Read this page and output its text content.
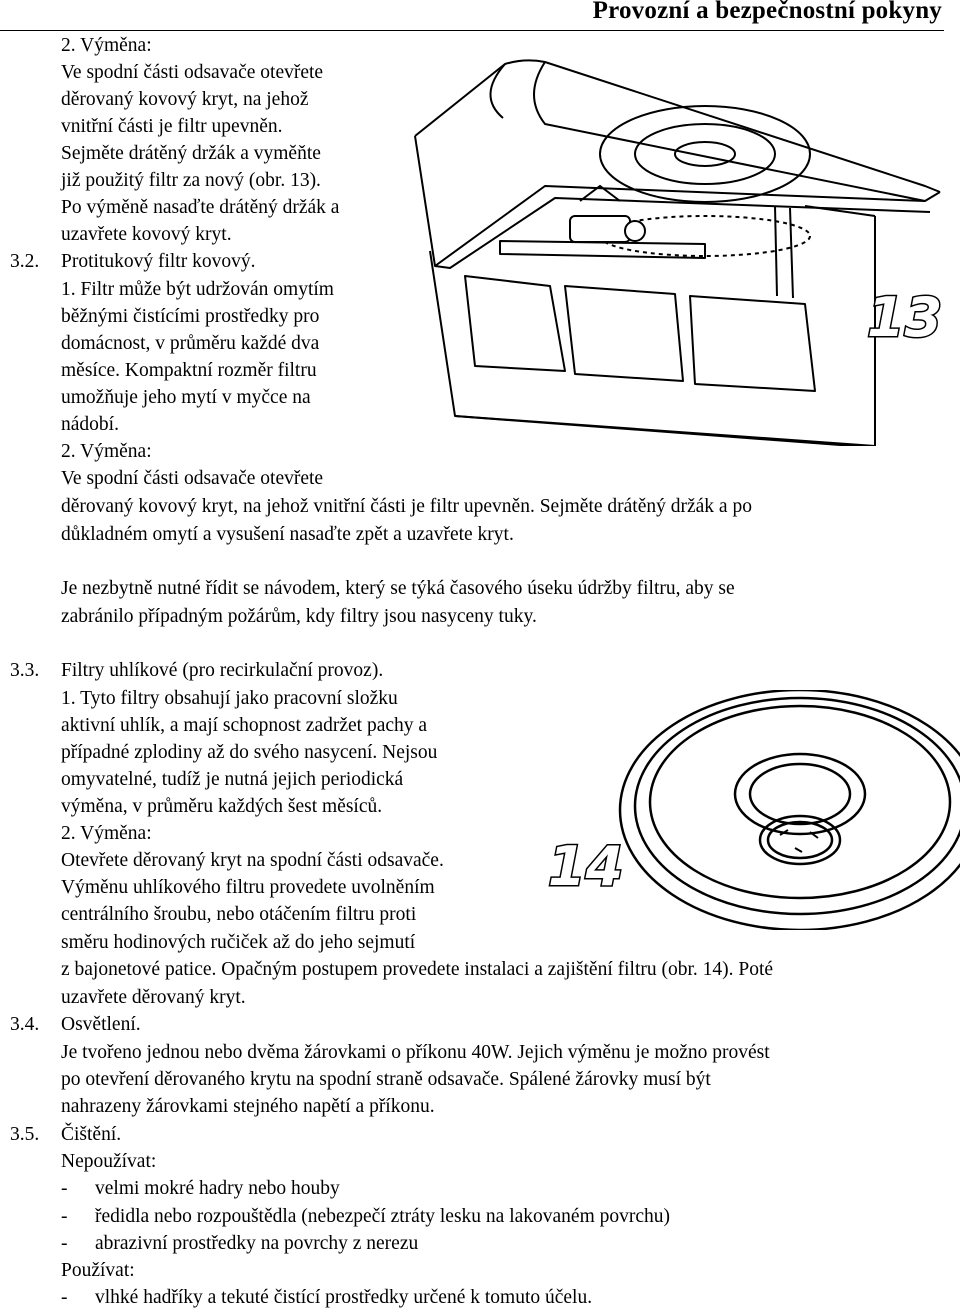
Provozní a bezpečnostní pokyny
2. Výměna:
Ve spodní části odsavače otevřete
děrovaný kovový kryt, na jehož
vnitřní části je filtr upevněn.
Sejměte drátěný držák a vyměňte
již použitý filtr za nový (obr. 13).
Po výměně nasaďte drátěný držák a
uzavřete kovový kryt.
3.2. Protitukový filtr kovový.
1. Filtr může být udržován omytím
běžnými čistícími prostředky pro
domácnost, v průměru každé dva
měsíce. Kompaktní rozměr filtru
umožňuje jeho mytí v myčce na
nádobí.
2. Výměna:
Ve spodní části odsavače otevřete
děrovaný kovový kryt, na jehož vnitřní části je filtr upevněn. Sejměte drátěný držák a po
důkladném omytí a vysušení nasaďte zpět a uzavřete kryt.
Je nezbytně nutné řídit se návodem, který se týká časového úseku údržby filtru, aby se
zabránilo případným požárům, kdy filtry jsou nasyceny tuky.
3.3. Filtry uhlíkové (pro recirkulační provoz).
1. Tyto filtry obsahují jako pracovní složku
aktivní uhlík, a mají schopnost zadržet pachy a
případné zplodiny až do svého nasycení. Nejsou
omyvatelné, tudíž je nutná jejich periodická
výměna, v průměru každých šest měsíců.
2. Výměna:
Otevřete děrovaný kryt na spodní části odsavače.
Výměnu uhlíkového filtru provedete uvolněním
centrálního šroubu, nebo otáčením filtru proti
směru hodinových ručiček až do jeho sejmutí
z bajonetové patice. Opačným postupem provedete instalaci a zajištění filtru (obr. 14). Poté
uzavřete děrovaný kryt.
3.4. Osvětlení.
Je tvořeno jednou nebo dvěma žárovkami o příkonu 40W. Jejich výměnu je možno provést
po otevření děrovaného krytu na spodní straně odsavače. Spálené žárovky musí být
nahrazeny žárovkami stejného napětí a příkonu.
3.5. Čištění.
Nepoužívat:
- velmi mokré hadry nebo houby
- ředidla nebo rozpouštědla (nebezpečí ztráty lesku na lakovaném povrchu)
- abrazivní prostředky na povrchy z nerezu
Používat:
- vlhké hadříky a tekuté čistící prostředky určené k tomuto účelu.
13
14
